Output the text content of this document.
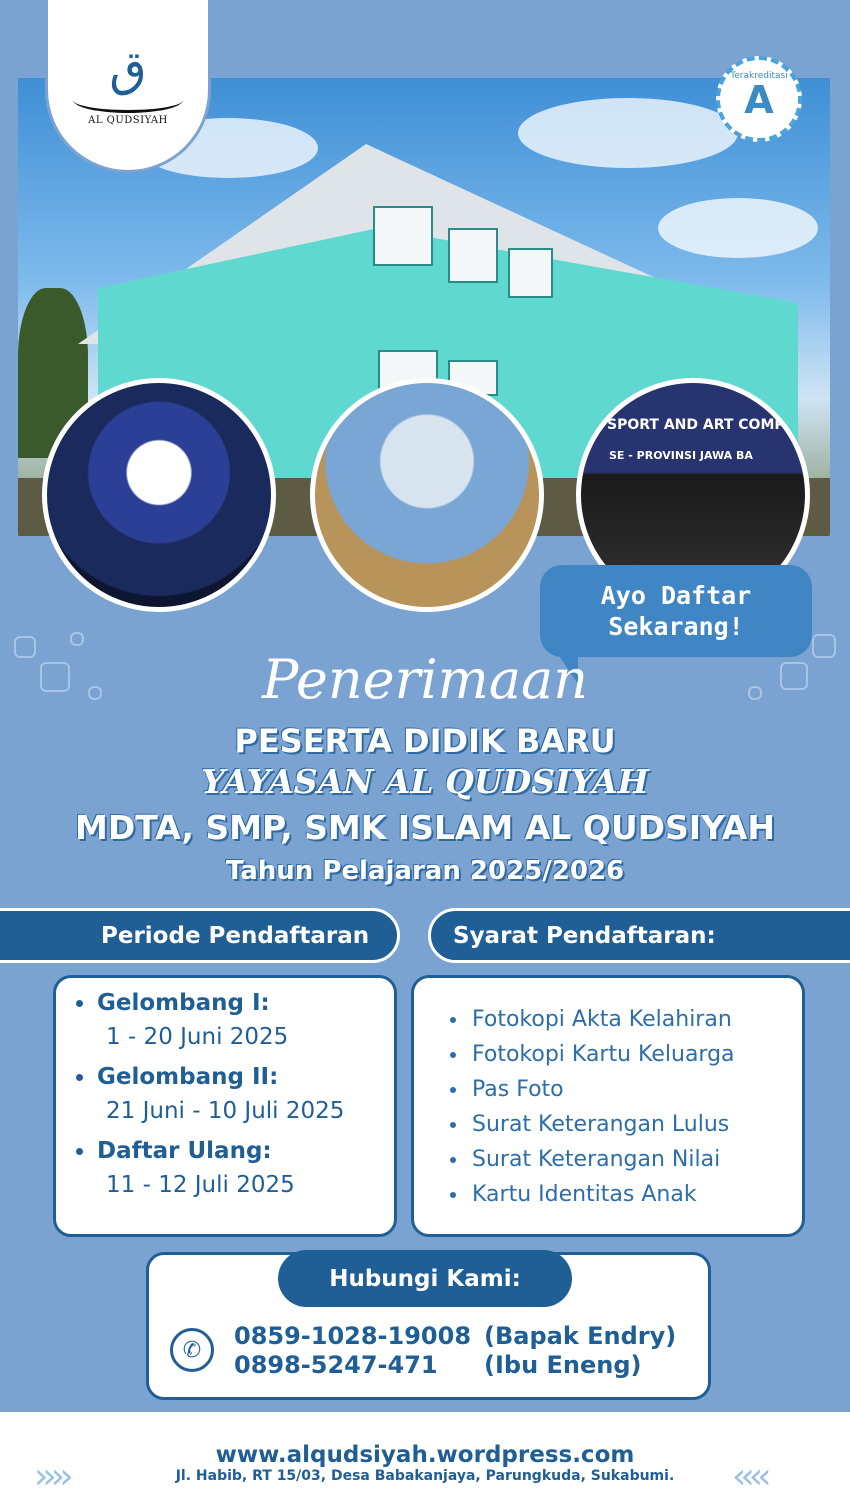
ق
AL QUDSIYAH
Terakreditasi
A
SPORT AND ART COMP
SE - PROVINSI JAWA BA
Ayo Daftar
Sekarang!
Penerimaan
PESERTA DIDIK BARU
YAYASAN AL QUDSIYAH
MDTA, SMP, SMK ISLAM AL QUDSIYAH
Tahun Pelajaran 2025/2026
Periode Pendaftaran	Syarat Pendaftaran:
Gelombang I:
1 - 20 Juni 2025
Gelombang II:
21 Juni - 10 Juli 2025
Daftar Ulang:
11 - 12 Juli 2025
Fotokopi Akta Kelahiran
Fotokopi Kartu Keluarga
Pas Foto
Surat Keterangan Lulus
Surat Keterangan Nilai
Kartu Identitas Anak
Hubungi Kami:
✆	0859-1028-19008 (Bapak Endry)
0898-5247-471	(Ibu Eneng)
››››	‹‹‹‹
www.alqudsiyah.wordpress.com
Jl. Habib, RT 15/03, Desa Babakanjaya, Parungkuda, Sukabumi.
